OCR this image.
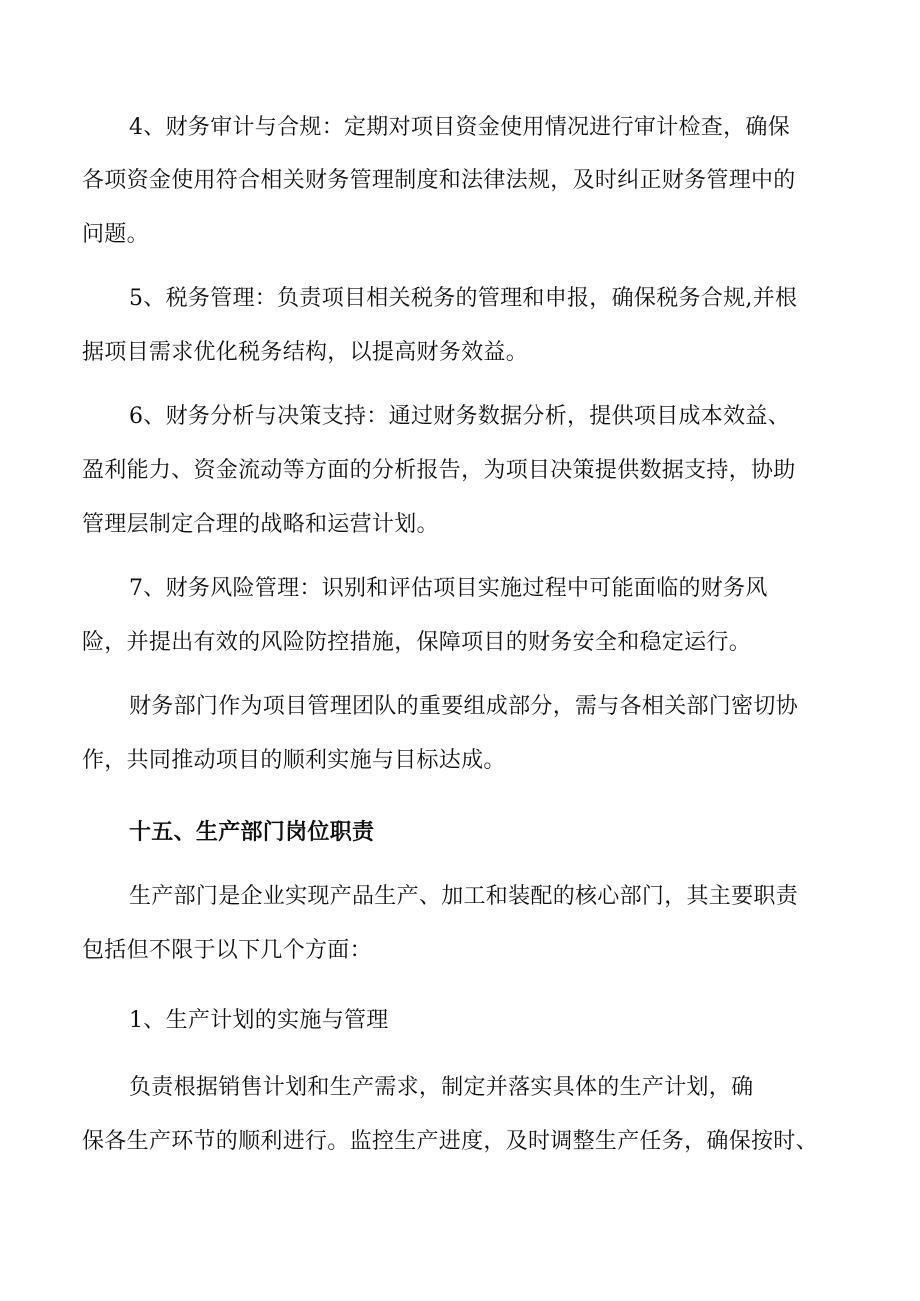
4、财务审计与合规：定期对项目资金使用情况进行审计检查，确保
各项资金使用符合相关财务管理制度和法律法规，及时纠正财务管理中的
问题。
5、税务管理：负责项目相关税务的管理和申报，确保税务合规,并根
据项目需求优化税务结构，以提高财务效益。
6、财务分析与决策支持：通过财务数据分析，提供项目成本效益、
盈利能力、资金流动等方面的分析报告，为项目决策提供数据支持，协助
管理层制定合理的战略和运营计划。
7、财务风险管理：识别和评估项目实施过程中可能面临的财务风
险，并提出有效的风险防控措施，保障项目的财务安全和稳定运行。
财务部门作为项目管理团队的重要组成部分，需与各相关部门密切协
作，共同推动项目的顺利实施与目标达成。
十五、生产部门岗位职责
生产部门是企业实现产品生产、加工和装配的核心部门，其主要职责
包括但不限于以下几个方面：
1、生产计划的实施与管理
负责根据销售计划和生产需求，制定并落实具体的生产计划，确
保各生产环节的顺利进行。监控生产进度，及时调整生产任务，确保按时、
